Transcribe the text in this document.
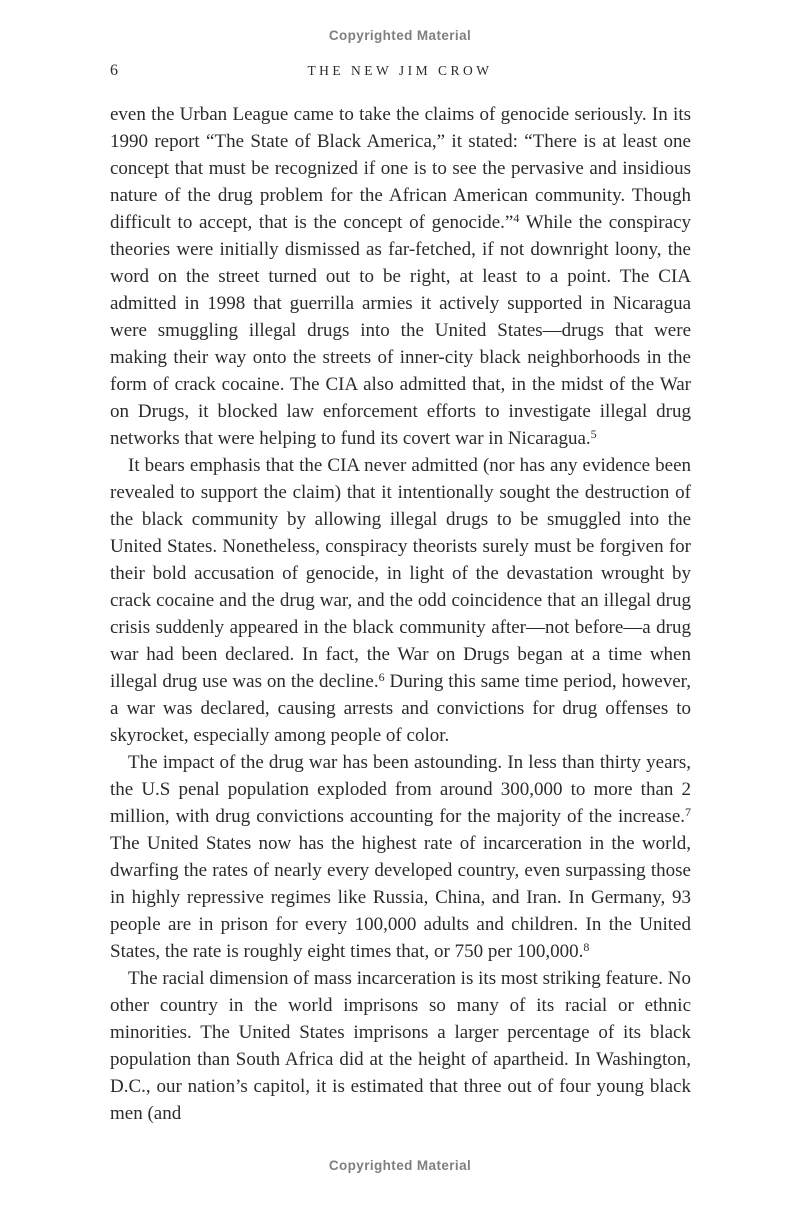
Copyrighted Material
6	THE NEW JIM CROW

even the Urban League came to take the claims of genocide seriously. In its 1990 report “The State of Black America,” it stated: “There is at least one concept that must be recognized if one is to see the pervasive and insidious nature of the drug problem for the African American community. Though difficult to accept, that is the concept of genocide.”$^4$ While the conspiracy theories were initially dismissed as far-fetched, if not downright loony, the word on the street turned out to be right, at least to a point. The CIA admitted in 1998 that guerrilla armies it actively supported in Nicaragua were smuggling illegal drugs into the United States—drugs that were making their way onto the streets of inner-city black neighborhoods in the form of crack cocaine. The CIA also admitted that, in the midst of the War on Drugs, it blocked law enforcement efforts to investigate illegal drug networks that were helping to fund its covert war in Nicaragua.$^5$

It bears emphasis that the CIA never admitted (nor has any evidence been revealed to support the claim) that it intentionally sought the destruction of the black community by allowing illegal drugs to be smuggled into the United States. Nonetheless, conspiracy theorists surely must be forgiven for their bold accusation of genocide, in light of the devastation wrought by crack cocaine and the drug war, and the odd coincidence that an illegal drug crisis suddenly appeared in the black community after—not before—a drug war had been declared. In fact, the War on Drugs began at a time when illegal drug use was on the decline.$^6$ During this same time period, however, a war was declared, causing arrests and convictions for drug offenses to skyrocket, especially among people of color.

The impact of the drug war has been astounding. In less than thirty years, the U.S penal population exploded from around 300,000 to more than 2 million, with drug convictions accounting for the majority of the increase.$^7$ The United States now has the highest rate of incarceration in the world, dwarfing the rates of nearly every developed country, even surpassing those in highly repressive regimes like Russia, China, and Iran. In Germany, 93 people are in prison for every 100,000 adults and children. In the United States, the rate is roughly eight times that, or 750 per 100,000.$^8$

The racial dimension of mass incarceration is its most striking feature. No other country in the world imprisons so many of its racial or ethnic minorities. The United States imprisons a larger percentage of its black population than South Africa did at the height of apartheid. In Washington, D.C., our nation’s capitol, it is estimated that three out of four young black men (and

Copyrighted Material
